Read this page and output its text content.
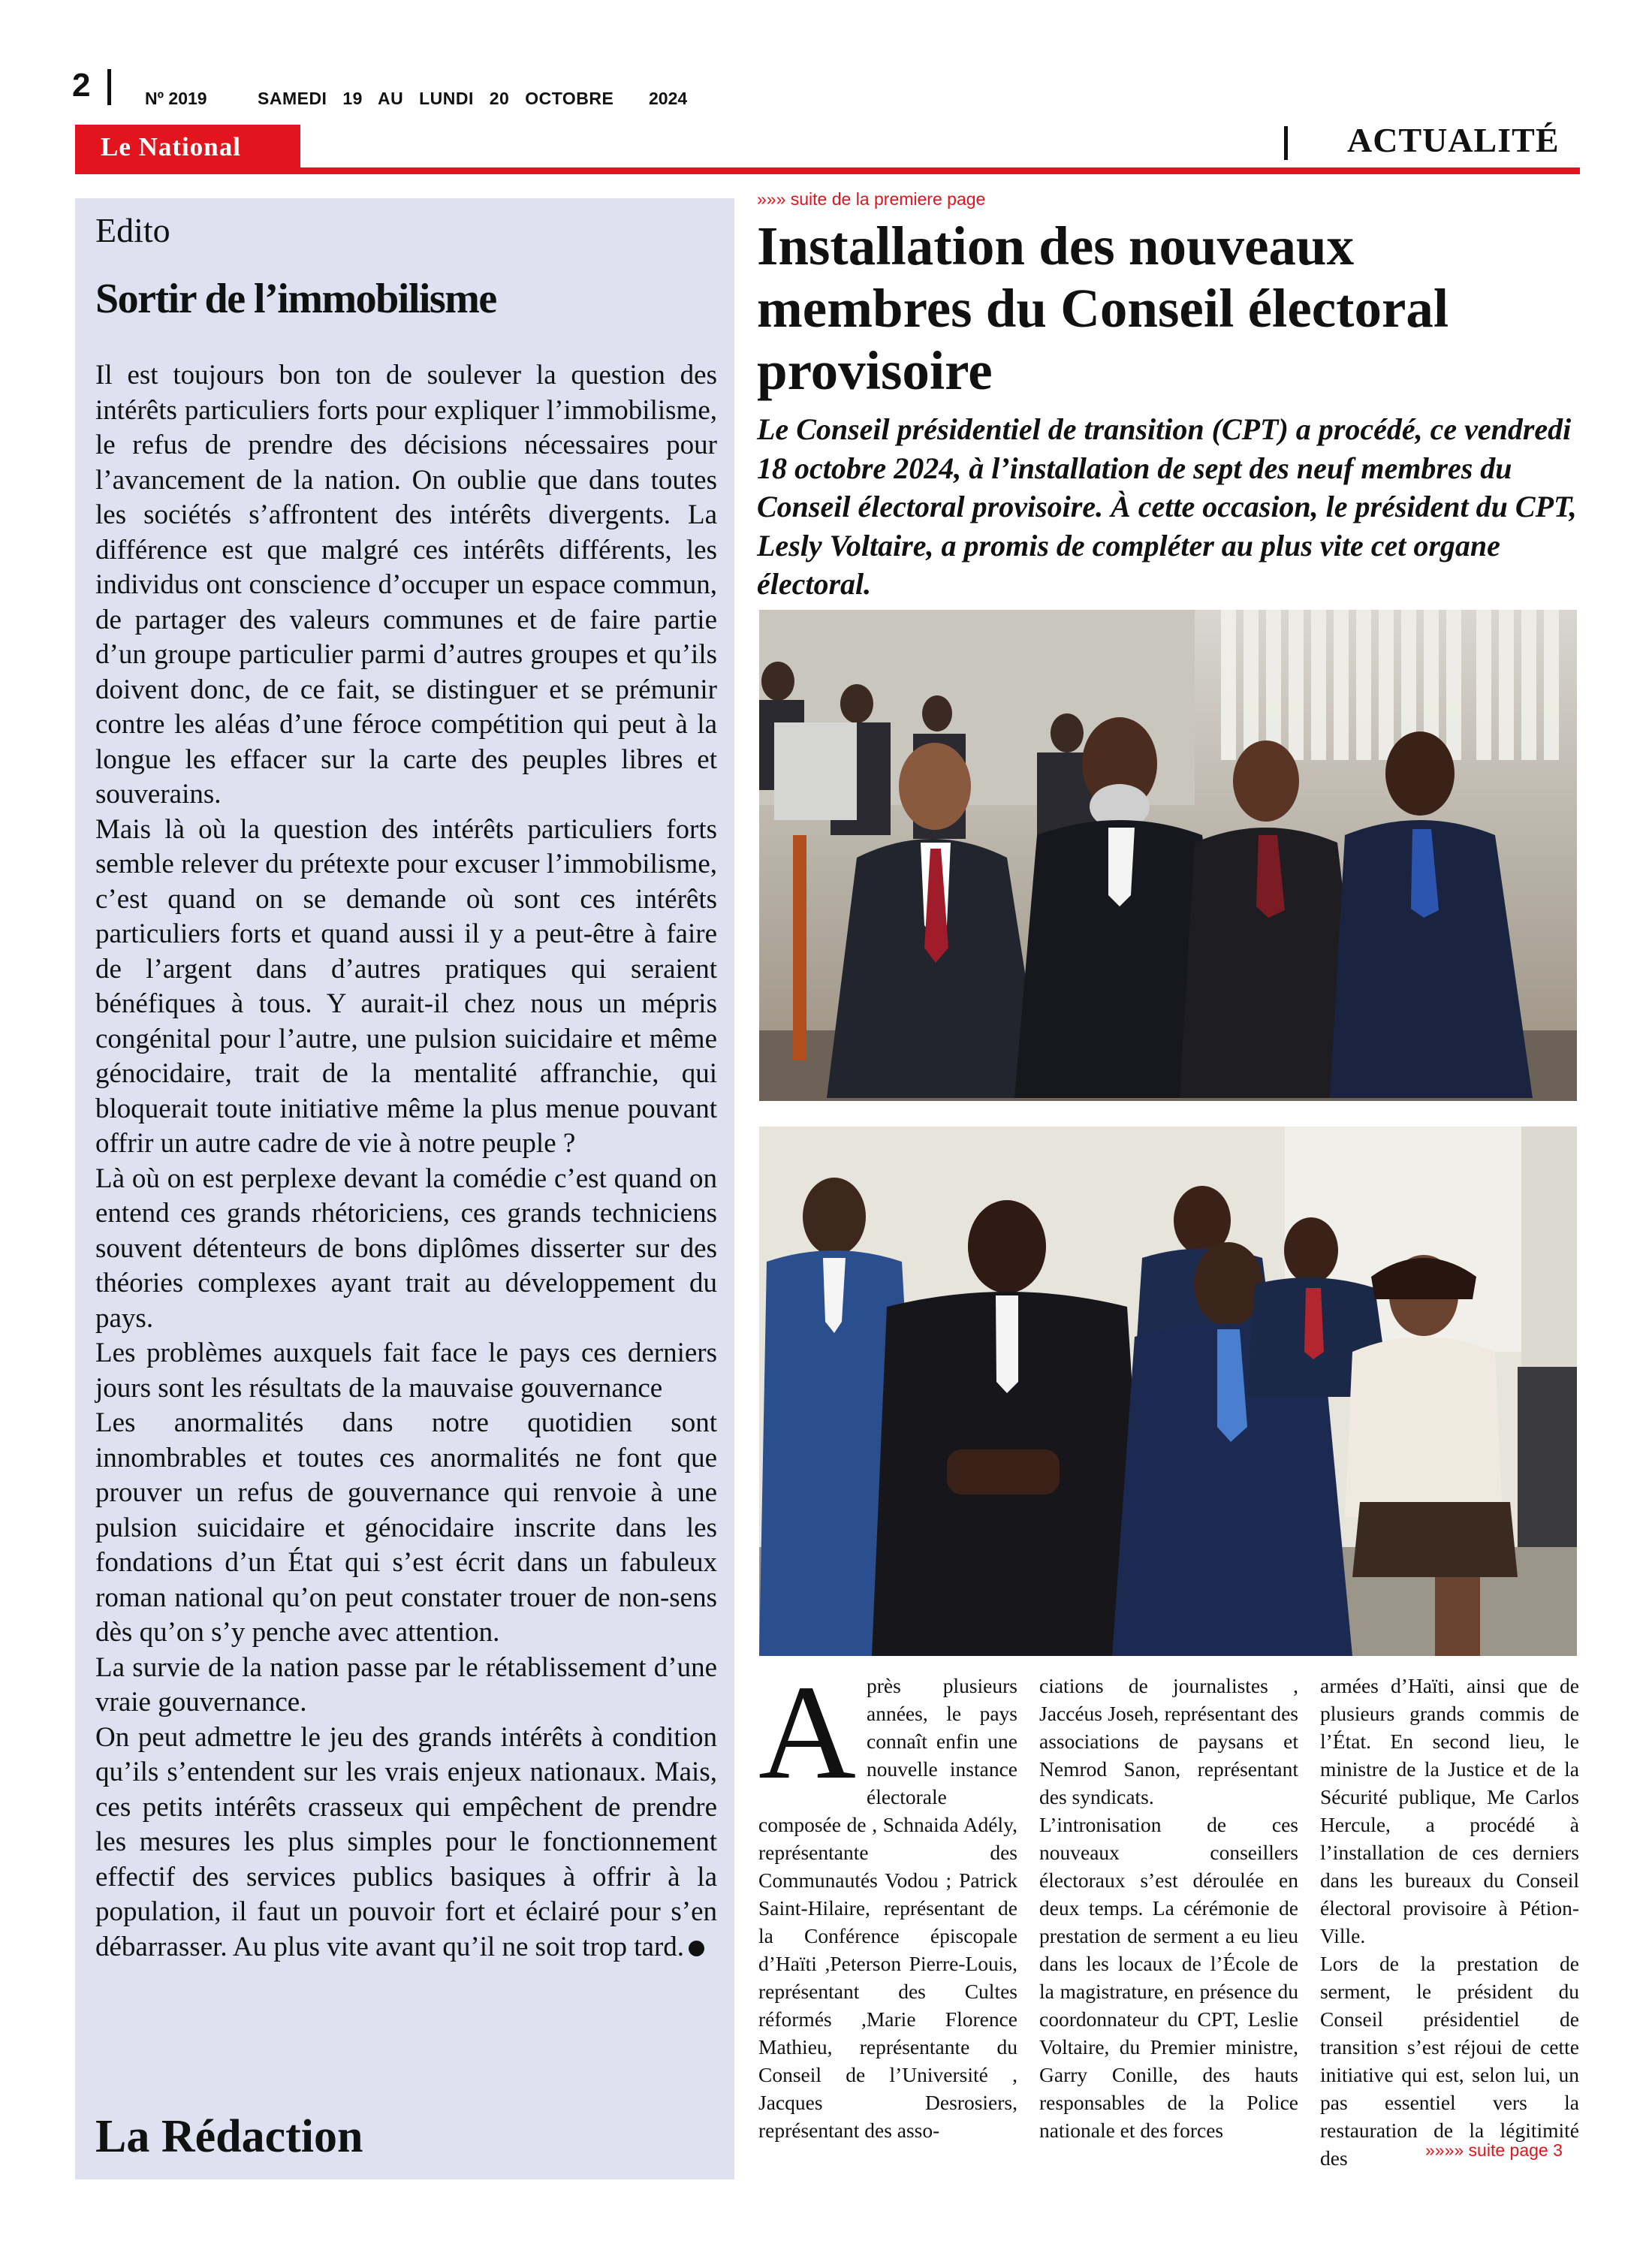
2	Nº 2019	SAMEDI 19 AU LUNDI 20 OCTOBRE 2024
Le National	ACTUALITÉ
Edito
Sortir de l’immobilisme

Il est toujours bon ton de soulever la question des intérêts particuliers forts pour expliquer l’immobilisme, le refus de prendre des décisions nécessaires pour l’avancement de la nation. On oublie que dans toutes les sociétés s’affrontent des intérêts divergents. La différence est que malgré ces intérêts différents, les individus ont conscience d’occuper un espace commun, de partager des valeurs communes et de faire partie d’un groupe particulier parmi d’autres groupes et qu’ils doivent donc, de ce fait, se distinguer et se prémunir contre les aléas d’une féroce compétition qui peut à la longue les effacer sur la carte des peuples libres et souverains.

Mais là où la question des intérêts particuliers forts semble relever du prétexte pour excuser l’immobilisme, c’est quand on se demande où sont ces intérêts particuliers forts et quand aussi il y a peut-être à faire de l’argent dans d’autres pratiques qui seraient bénéfiques à tous. Y aurait-il chez nous un mépris congénital pour l’autre, une pulsion suicidaire et même génocidaire, trait de la mentalité affranchie, qui bloquerait toute initiative même la plus menue pouvant offrir un autre cadre de vie à notre peuple ?

Là où on est perplexe devant la comédie c’est quand on entend ces grands rhétoriciens, ces grands techniciens souvent détenteurs de bons diplômes disserter sur des théories complexes ayant trait au développement du pays.

Les problèmes auxquels fait face le pays ces derniers jours sont les résultats de la mauvaise gouvernance

Les anormalités dans notre quotidien sont innombrables et toutes ces anormalités ne font que prouver un refus de gouvernance qui renvoie à une pulsion suicidaire et génocidaire inscrite dans les fondations d’un État qui s’est écrit dans un fabuleux roman national qu’on peut constater trouer de non-sens dès qu’on s’y penche avec attention.

La survie de la nation passe par le rétablissement d’une vraie gouvernance.

On peut admettre le jeu des grands intérêts à condition qu’ils s’entendent sur les vrais enjeux nationaux. Mais, ces petits intérêts crasseux qui empêchent de prendre les mesures les plus simples pour le fonctionnement effectif des services publics basiques à offrir à la population, il faut un pouvoir fort et éclairé pour s’en débarrasser. Au plus vite avant qu’il ne soit trop tard.

La Rédaction
»»» suite de la premiere page
Installation des nouveaux membres du Conseil électoral provisoire
Le Conseil présidentiel de transition (CPT) a procédé, ce vendredi 18 octobre 2024, à l’installation de sept des neuf membres du Conseil électoral provisoire. À cette occasion, le président du CPT, Lesly Voltaire, a promis de compléter au plus vite cet organe électoral.
Après plusieurs années, le pays connaît enfin une nouvelle instance électorale composée de , Schnaida Adély, représentante des Communautés Vodou ; Patrick Saint-Hilaire, représentant de la Conférence épiscopale d’Haïti ,Peterson Pierre-Louis, représentant des Cultes réformés ,Marie Florence Mathieu, représentante du Conseil de l’Université , Jacques Desrosiers, représentant des asso-

ciations de journalistes , Jaccéus Joseh, représentant des associations de paysans et Nemrod Sanon, représentant des syndicats.

L’intronisation de ces nouveaux conseillers électoraux s’est déroulée en deux temps. La cérémonie de prestation de serment a eu lieu dans les locaux de l’École de la magistrature, en présence du coordonnateur du CPT, Leslie Voltaire, du Premier ministre, Garry Conille, des hauts responsables de la Police nationale et des forces

armées d’Haïti, ainsi que de plusieurs grands commis de l’État. En second lieu, le ministre de la Justice et de la Sécurité publique, Me Carlos Hercule, a procédé à l’installation de ces derniers dans les bureaux du Conseil électoral provisoire à Pétion-Ville.

Lors de la prestation de serment, le président du Conseil présidentiel de transition s’est réjoui de cette initiative qui est, selon lui, un pas essentiel vers la restauration de la légitimité des	»»»» suite page 3
